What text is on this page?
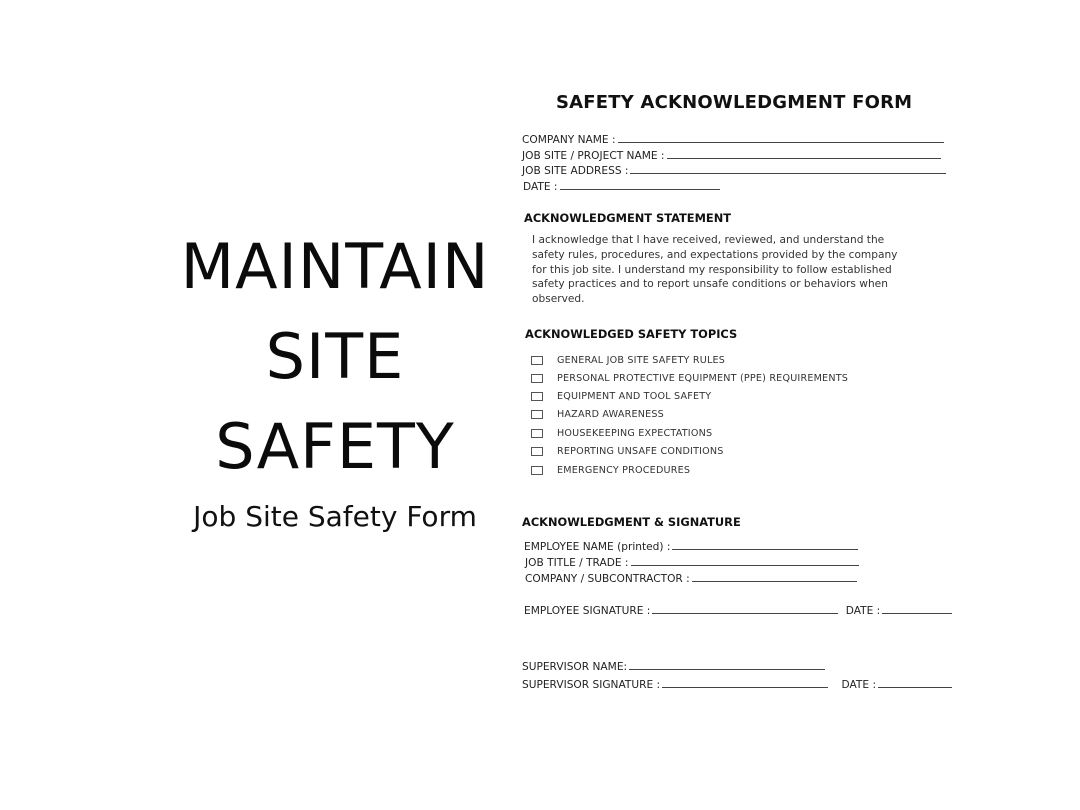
MAINTAIN
SITE
SAFETY
Job Site Safety Form
SAFETY ACKNOWLEDGMENT FORM
COMPANY NAME :
JOB SITE / PROJECT NAME :
JOB SITE ADDRESS :
DATE :
ACKNOWLEDGMENT STATEMENT
I acknowledge that I have received, reviewed, and understand the safety rules, procedures, and expectations provided by the company for this job site. I understand my responsibility to follow established safety practices and to report unsafe conditions or behaviors when observed.
ACKNOWLEDGED SAFETY TOPICS
GENERAL JOB SITE SAFETY RULES
PERSONAL PROTECTIVE EQUIPMENT (PPE) REQUIREMENTS
EQUIPMENT AND TOOL SAFETY
HAZARD AWARENESS
HOUSEKEEPING EXPECTATIONS
REPORTING UNSAFE CONDITIONS
EMERGENCY PROCEDURES
ACKNOWLEDGMENT & SIGNATURE
EMPLOYEE NAME (printed) :
JOB TITLE / TRADE :
COMPANY / SUBCONTRACTOR :
EMPLOYEE SIGNATURE :	DATE :
SUPERVISOR NAME:
SUPERVISOR SIGNATURE :	DATE :
